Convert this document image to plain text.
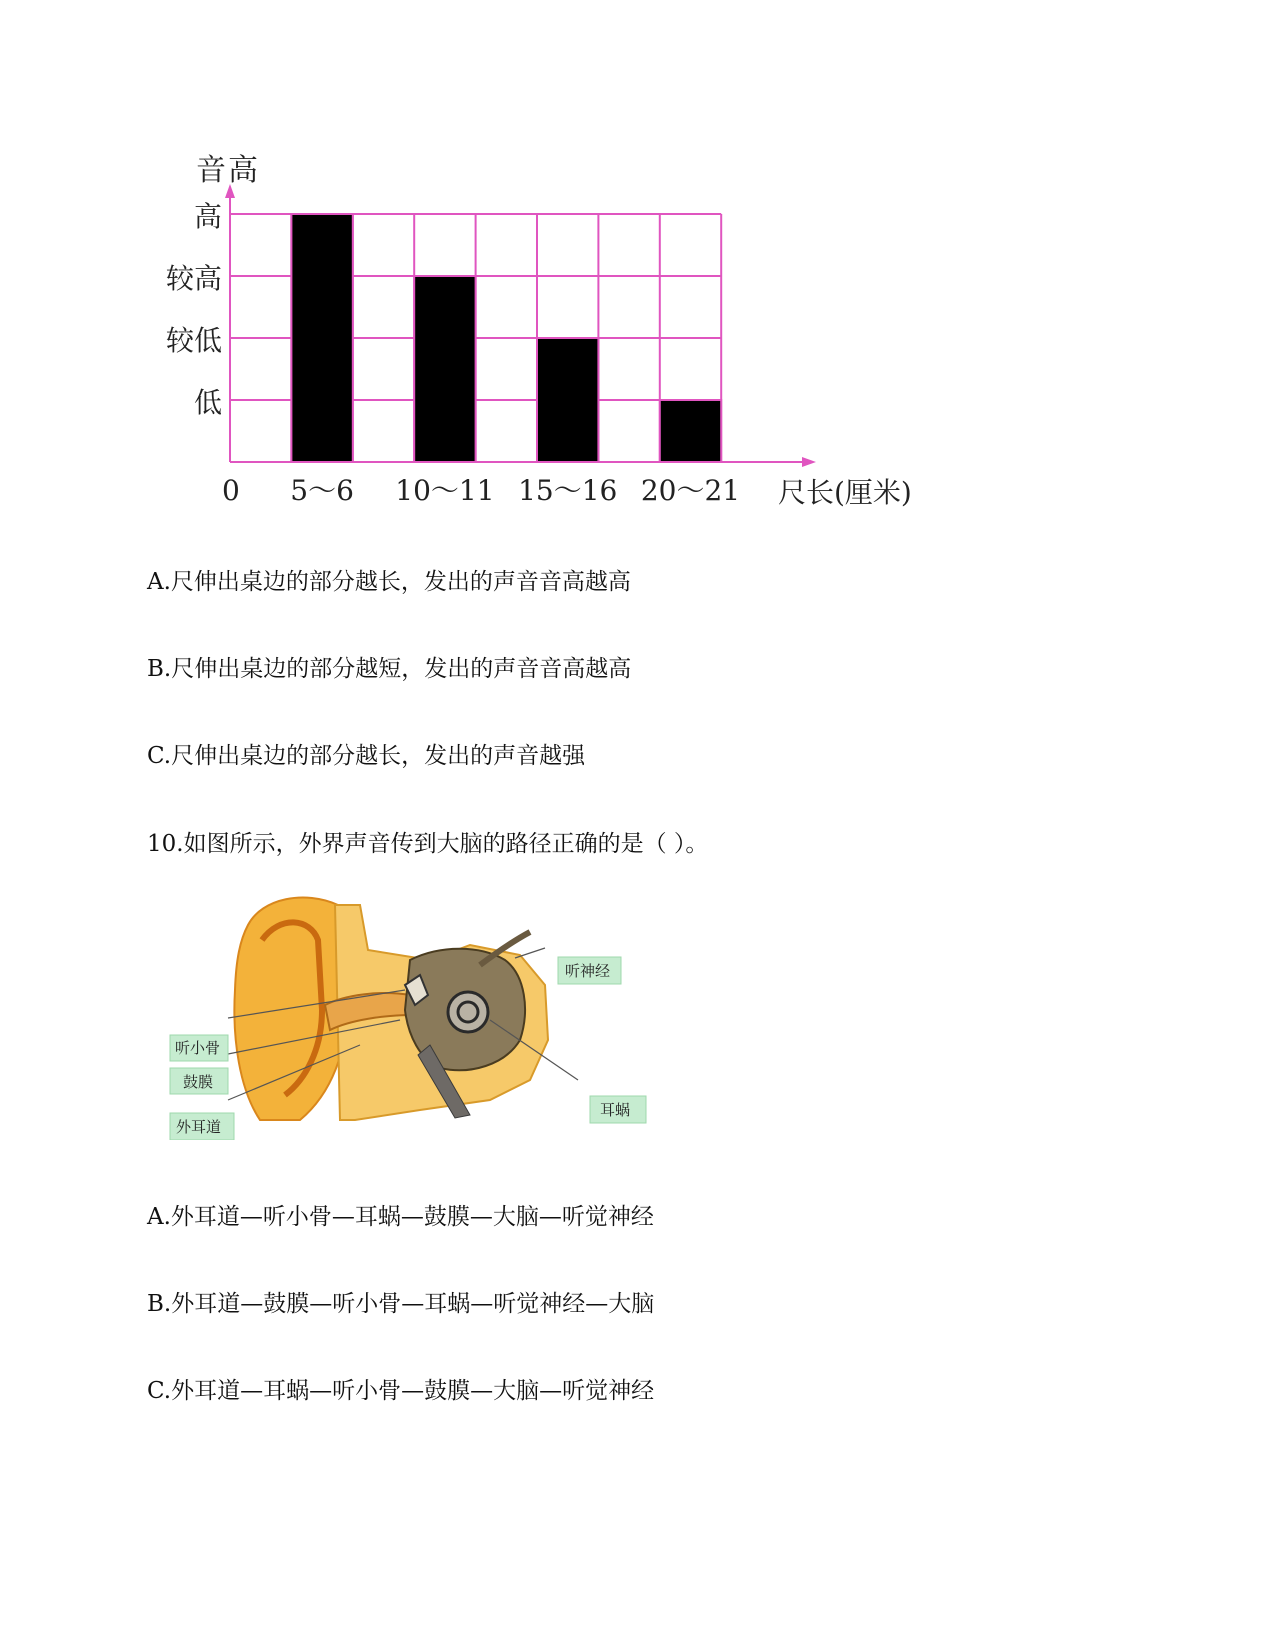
音高
低
较低
较高
高
0 5～6 10～11 15～16 20～21 尺长(厘米)
A.尺伸出桌边的部分越长，发出的声音音高越高
B.尺伸出桌边的部分越短，发出的声音音高越高
C.尺伸出桌边的部分越长，发出的声音越强
10.如图所示，外界声音传到大脑的路径正确的是（ ）。
听神经
听小骨
鼓膜
外耳道
耳蜗
A.外耳道—听小骨—耳蜗—鼓膜—大脑—听觉神经
B.外耳道—鼓膜—听小骨—耳蜗—听觉神经—大脑
C.外耳道—耳蜗—听小骨—鼓膜—大脑—听觉神经
